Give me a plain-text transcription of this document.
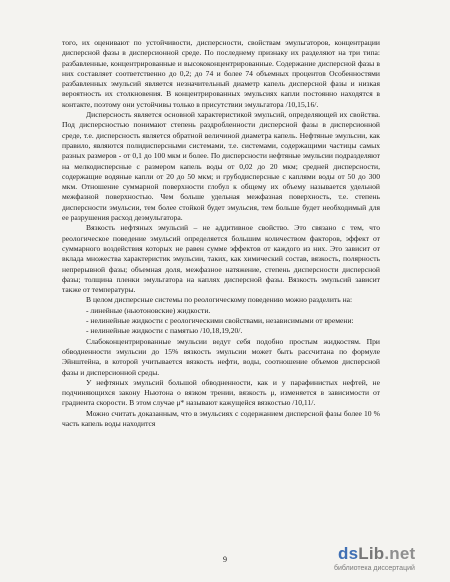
того, их оценивают по устойчивости, дисперсности, свойствам эмульгаторов, концентрации дисперсной фазы в дисперсионной среде. По последнему признаку их разделяют на три типа: разбавленные, концентрированные и высококонцентрированные. Содержание дисперсной фазы в них составляет соответственно до 0,2; до 74 и более 74 объемных процентов Особенностями разбавленных эмульсий является незначительный диаметр капель дисперсной фазы и низкая вероятность их столкновения. В концентрированных эмульсиях капли постоянно находятся в контакте, поэтому они устойчивы только в присутствии эмульгатора /10,15,16/.

Дисперсность является основной характеристикой эмульсий, определяющей их свойства. Под дисперсностью понимают степень раздробленности дисперсной фазы в дисперсионной среде, т.е. дисперсность является обратной величиной диаметра капель. Нефтяные эмульсии, как правило, являются полидисперсными системами, т.е. системами, содержащими частицы самых разных размеров - от 0,1 до 100 мкм и более. По дисперсности нефтяные эмульсии подразделяют на мелкодисперсные с размером капель воды от 0,02 до 20 мкм; средней дисперсности, содержащие водяные капли от 20 до 50 мкм; и грубодисперсные с каплями воды от 50 до 300 мкм. Отношение суммарной поверхности глобул к общему их объему называется удельной межфазной поверхностью. Чем больше удельная межфазная поверхность, т.е. степень дисперсности эмульсии, тем более стойкой будет эмульсия, тем больше будет необходимый для ее разрушения расход деэмульгатора.

Вязкость нефтяных эмульсий – не аддитивное свойство. Это связано с тем, что реологическое поведение эмульсий определяется большим количеством факторов, эффект от суммарного воздействия которых не равен сумме эффектов от каждого из них. Это зависит от вклада множества характеристик эмульсии, таких, как химический состав, вязкость, полярность непрерывной фазы; объемная доля, межфазное натяжение, степень дисперсности дисперсной фазы; толщина пленки эмульгатора на каплях дисперсной фазы. Вязкость эмульсий зависит также от температуры.

В целом дисперсные системы по реологическому поведению можно разделить на:

- линейные (ньютоновские) жидкости.

- нелинейные жидкости с реологическими свойствами, независимыми от времени:

- нелинейные жидкости с памятью /10,18,19,20/.

Слабоконцентрированные эмульсии ведут себя подобно простым жидкостям. При обводненности эмульсии до 15% вязкость эмульсии может быть рассчитана по формуле Эйнштейна, в которой учитывается вязкость нефти, воды, соотношение объемов дисперсной фазы и дисперсионной среды.

У нефтяных эмульсий большой обводненности, как и у парафинистых нефтей, не подчиняющихся закону Ньютона о вязком трении, вязкость μ, изменяется в зависимости от градиента скорости. В этом случае μ* называют кажущейся вязкостью /10,11/.

Можно считать доказанным, что в эмульсиях с содержанием дисперсной фазы более 10 % часть капель воды находится

9	dsLib.net
библиотека диссертаций
